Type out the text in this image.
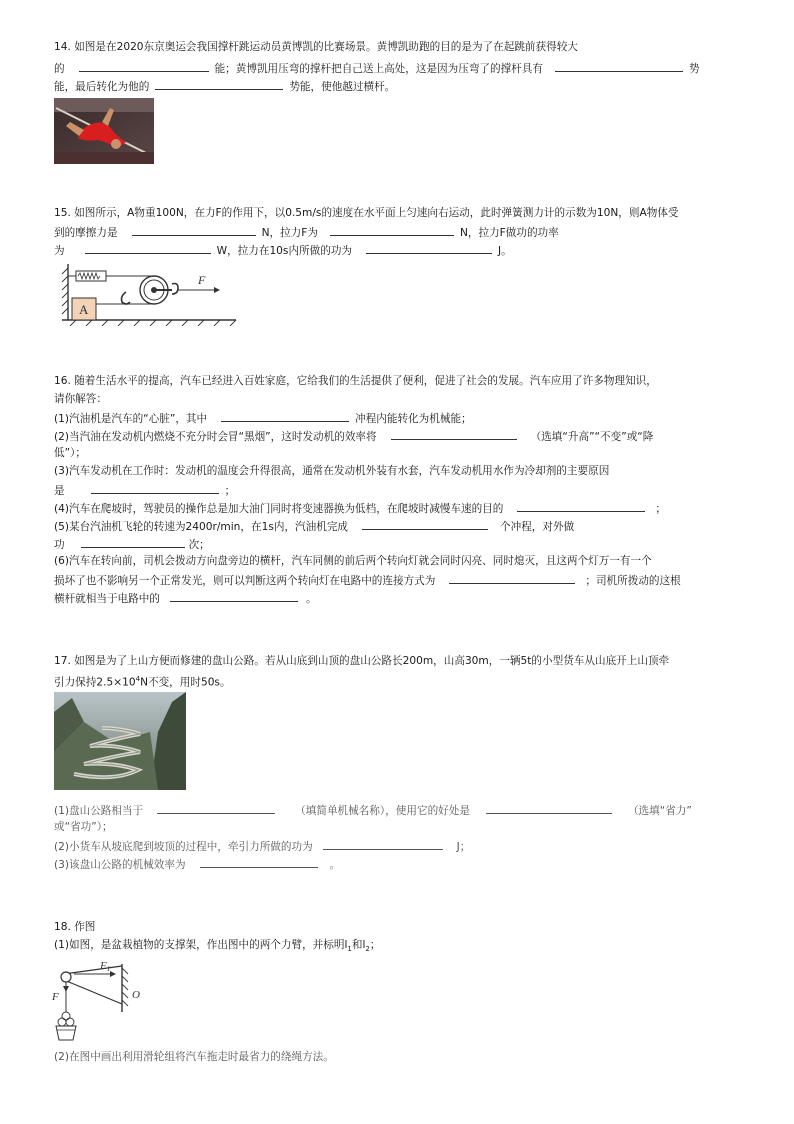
14. 如图是在2020东京奥运会我国撑杆跳运动员黄博凯的比赛场景。黄博凯助跑的目的是为了在起跳前获得较大
的	能；黄博凯用压弯的撑杆把自己送上高处，这是因为压弯了的撑杆具有	势
能，最后转化为他的	势能，使他越过横杆。
15. 如图所示，A物重100N，在力F的作用下，以0.5m/s的速度在水平面上匀速向右运动，此时弹簧测力计的示数为10N，则A物体受
到的摩擦力是	N，拉力F为	N，拉力F做功的功率
为	W，拉力在10s内所做的功为	J。
A
F
16. 随着生活水平的提高，汽车已经进入百姓家庭，它给我们的生活提供了便利，促进了社会的发展。汽车应用了许多物理知识，
请你解答：
(1)汽油机是汽车的“心脏”，其中	冲程内能转化为机械能；
(2)当汽油在发动机内燃烧不充分时会冒“黑烟”，这时发动机的效率将	（选填“升高”“不变”或“降
低”）；
(3)汽车发动机在工作时：发动机的温度会升得很高，通常在发动机外装有水套，汽车发动机用水作为冷却剂的主要原因
是	；
(4)汽车在爬坡时，驾驶员的操作总是加大油门同时将变速器换为低档，在爬坡时减慢车速的目的	；
(5)某台汽油机飞轮的转速为2400r/min，在1s内，汽油机完成	个冲程，对外做
功	次；
(6)汽车在转向前，司机会拨动方向盘旁边的横杆，汽车同侧的前后两个转向灯就会同时闪亮、同时熄灭，且这两个灯万一有一个
损坏了也不影响另一个正常发光，则可以判断这两个转向灯在电路中的连接方式为	；司机所拨动的这根
横杆就相当于电路中的	。
17. 如图是为了上山方便而修建的盘山公路。若从山底到山顶的盘山公路长200m，山高30m，一辆5t的小型货车从山底开上山顶牵
引力保持$2.5\times 10^4N$不变，用时50s。
(1)盘山公路相当于	（填简单机械名称），使用它的好处是	（选填“省力”
或“省功”）；
(2)小货车从坡底爬到坡顶的过程中，牵引力所做的功为	J；
(3)该盘山公路的机械效率为	。
18. 作图
(1)如图，是盆栽植物的支撑架，作出图中的两个力臂，并标明$l_1$和$l_2$；
F1
O
F
(2)在图中画出利用滑轮组将汽车拖走时最省力的绕绳方法。
